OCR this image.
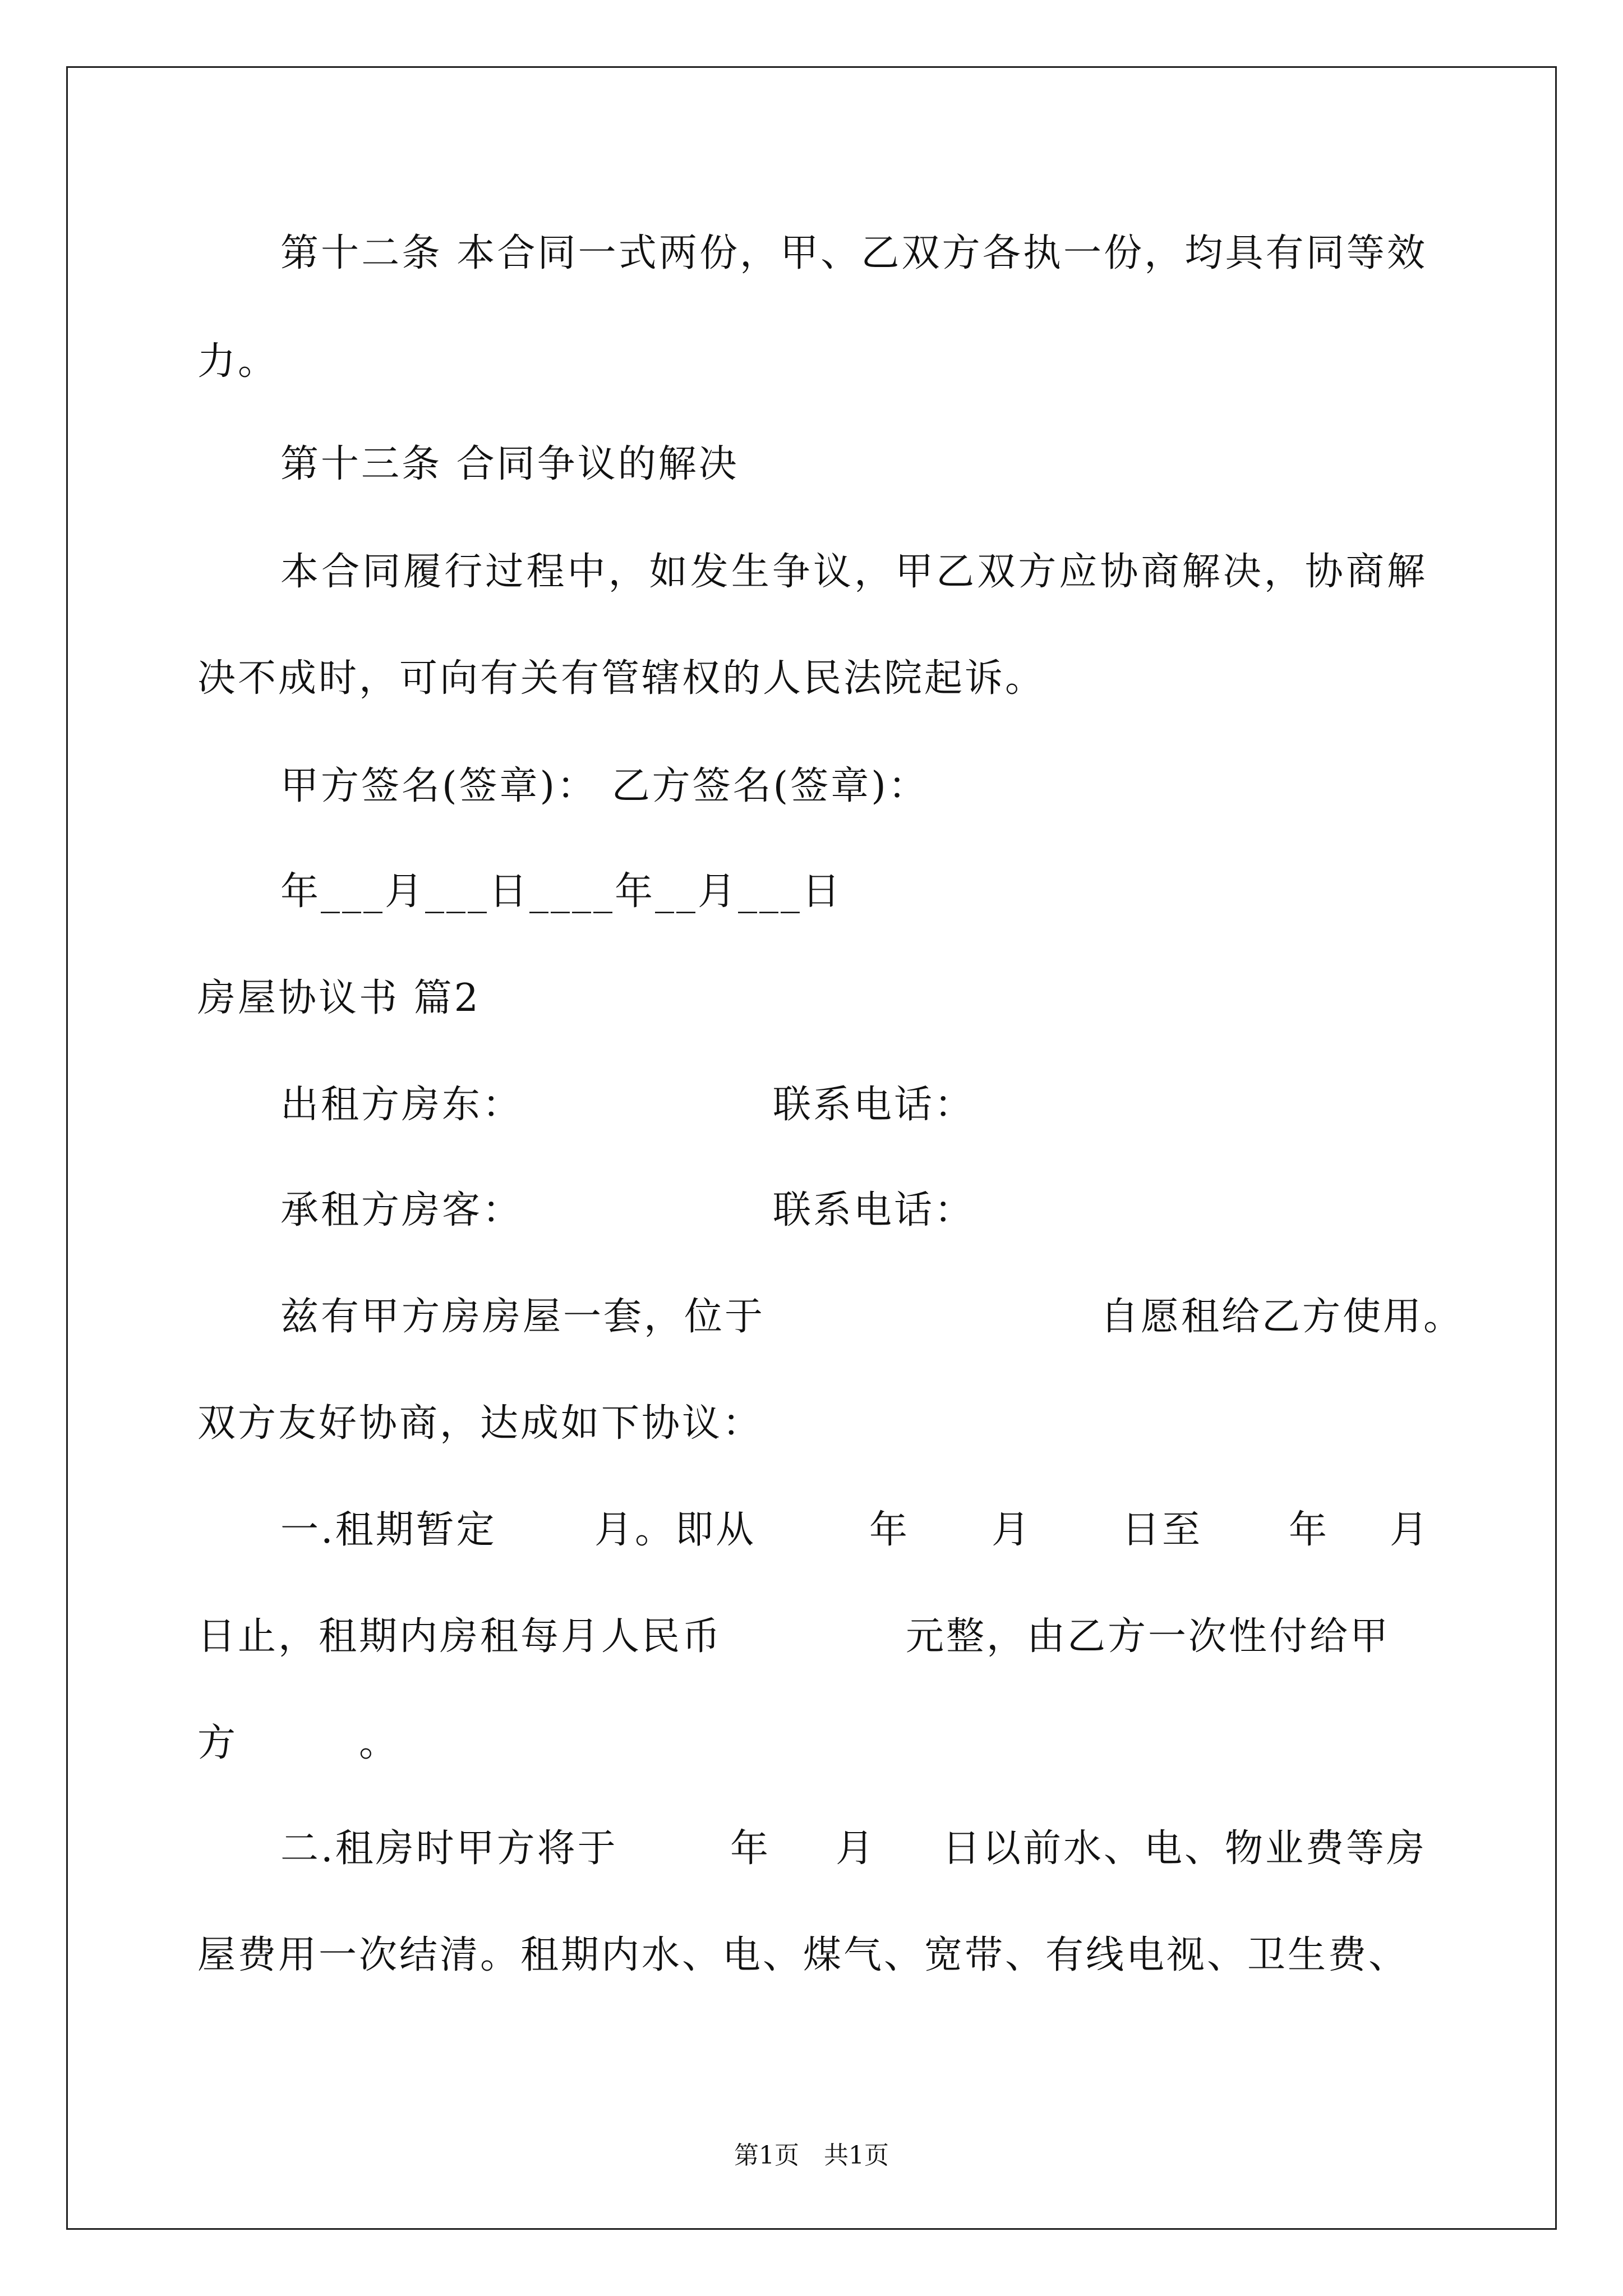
第十二条 本合同一式两份，甲、乙双方各执一份，均具有同等效
力。
第十三条 合同争议的解决
本合同履行过程中，如发生争议，甲乙双方应协商解决，协商解
决不成时，可向有关有管辖权的人民法院起诉。
甲方签名(签章)： 乙方签名(签章)：
年___月___日____年__月___日
房屋协议书 篇2
出租方房东：	联系电话：
承租方房客：	联系电话：
兹有甲方房房屋一套，位于	自愿租给乙方使用。
双方友好协商，达成如下协议：
一.租期暂定	月。即从	年 月 日至 年 月
日止，租期内房租每月人民币	元整，由乙方一次性付给甲
方	。
二.租房时甲方将于	年 月 日以前水、电、物业费等房
屋费用一次结清。租期内水、电、煤气、宽带、有线电视、卫生费、
第1页　共1页
